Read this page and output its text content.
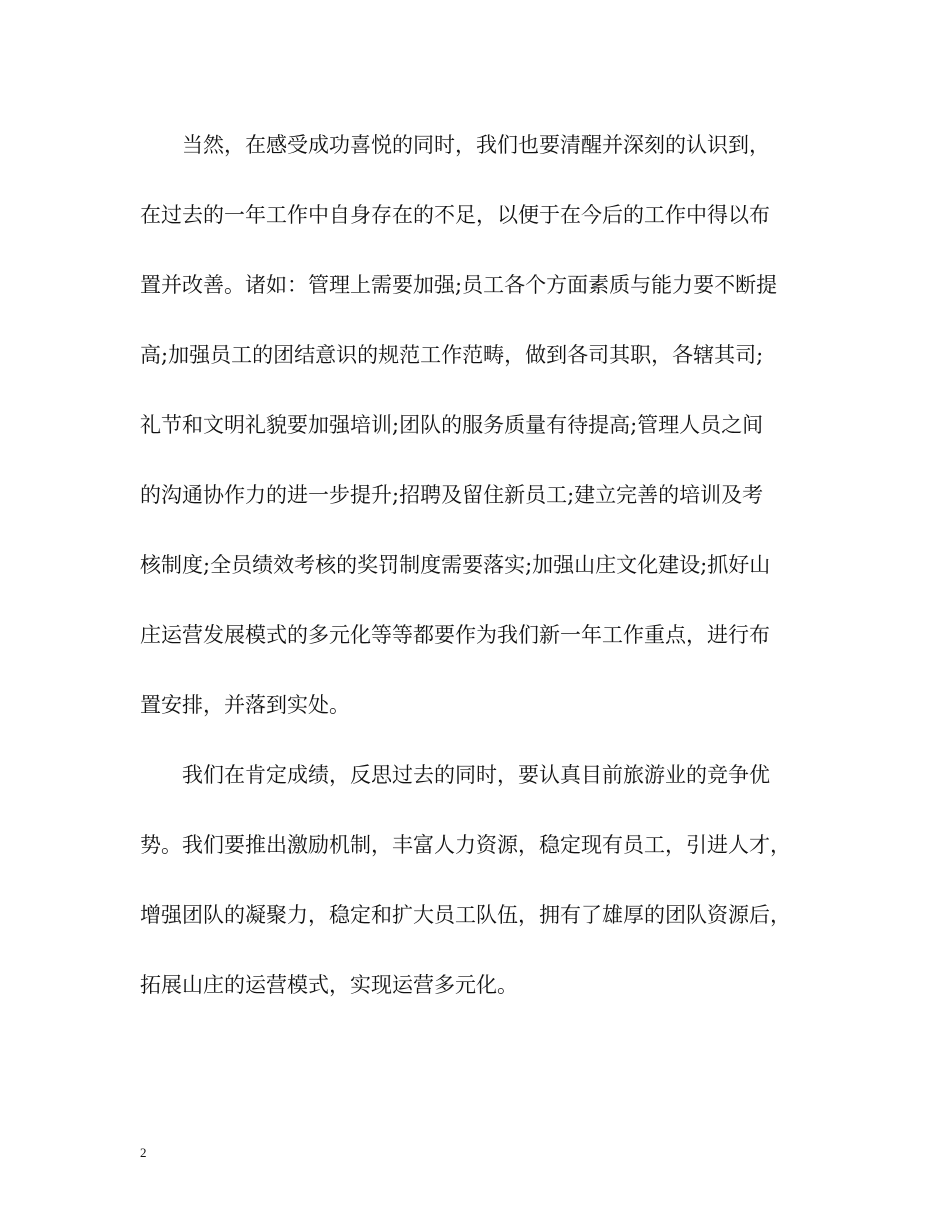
当然，在感受成功喜悦的同时，我们也要清醒并深刻的认识到，
在过去的一年工作中自身存在的不足，以便于在今后的工作中得以布
置并改善。诸如：管理上需要加强;员工各个方面素质与能力要不断提
高;加强员工的团结意识的规范工作范畴，做到各司其职，各辖其司;
礼节和文明礼貌要加强培训;团队的服务质量有待提高;管理人员之间
的沟通协作力的进一步提升;招聘及留住新员工;建立完善的培训及考
核制度;全员绩效考核的奖罚制度需要落实;加强山庄文化建设;抓好山
庄运营发展模式的多元化等等都要作为我们新一年工作重点，进行布
置安排，并落到实处。
我们在肯定成绩，反思过去的同时，要认真目前旅游业的竞争优
势。我们要推出激励机制，丰富人力资源，稳定现有员工，引进人才，
增强团队的凝聚力，稳定和扩大员工队伍，拥有了雄厚的团队资源后，
拓展山庄的运营模式，实现运营多元化。
2
